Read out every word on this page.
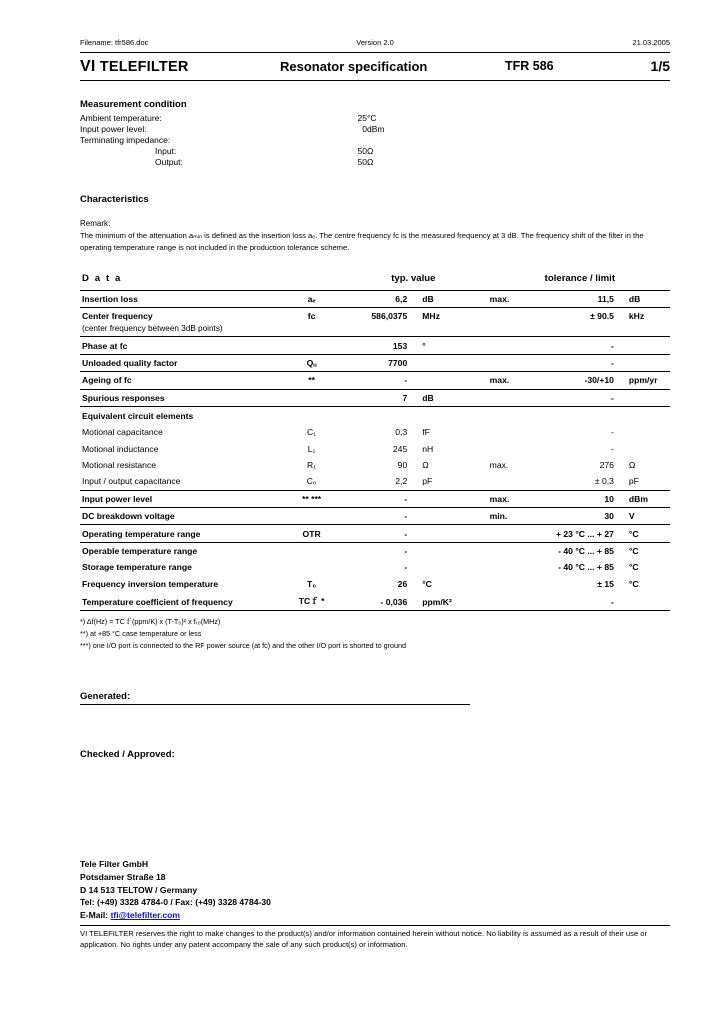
Filename: tfr586.doc	Version 2.0	21.03.2005
VI TELEFILTER	Resonator specification	TFR 586	1/5
Measurement condition
Ambient temperature:	25	°C
Input power level:	0	dBm
Terminating impedance:		
Input:	50	Ω
Output:	50	Ω
Characteristics
Remark:
The minimum of the attenuation aₘᵢₙ is defined as the insertion loss aₑ. The centre frequency fᴄ is the measured frequency at 3 dB. The frequency shift of the filter in the operating temperature range is not included in the production tolerance scheme.
D a t a		typ. value		tolerance / limit		
Insertion loss	aₑ	6,2	dB	max.	11,5	dB
Center frequency	fᴄ	586,0375	MHz		± 90.5	kHz
(center frequency between 3dB points)						
Phase at fᴄ		153	°		-	
Unloaded quality factor	Qᵤ	7700			-	
Ageing of fᴄ	**	-		max.	-30/+10	ppm/yr
Spurious responses		7	dB		-	
Equivalent circuit elements						
Motional capacitance	C₁	0,3	fF		-	
Motional inductance	L₁	245	nH		-	
Motional resistance	R₁	90	Ω	max.	276	Ω
Input / output capacitance	C₀	2,2	pF		± 0,3	pF
Input power level	** ***	-		max.	10	dBm
DC breakdown voltage		-		min.	30	V
Operating temperature range	OTR	-			+ 23 °C ... + 27	°C
Operable temperature range		-			- 40 °C ... + 85	°C
Storage temperature range		-			- 40 °C ... + 85	°C
Frequency inversion temperature	T₀	26	°C		± 15	°C
Temperature coefficient of frequency	TCｆ *	- 0,036	ppm/K²		-	
*) Δf(Hz) = TCｆ(ppm/K) x (T-T₀)² x fₜ₀(MHz)
**) at +85 °C case temperature or less
***) one I/O port is connected to the RF power source (at fᴄ) and the other I/O port is shorted to ground
Generated:
Checked / Approved:
Tele Filter GmbH
Potsdamer Straße 18
D 14 513 TELTOW / Germany
Tel: (+49) 3328 4784-0 / Fax: (+49) 3328 4784-30
E-Mail: tfi@telefilter.com
VI TELEFILTER reserves the right to make changes to the product(s) and/or information contained herein without notice. No liability is assumed as a result of their use or application. No rights under any patent accompany the sale of any such product(s) or information.
